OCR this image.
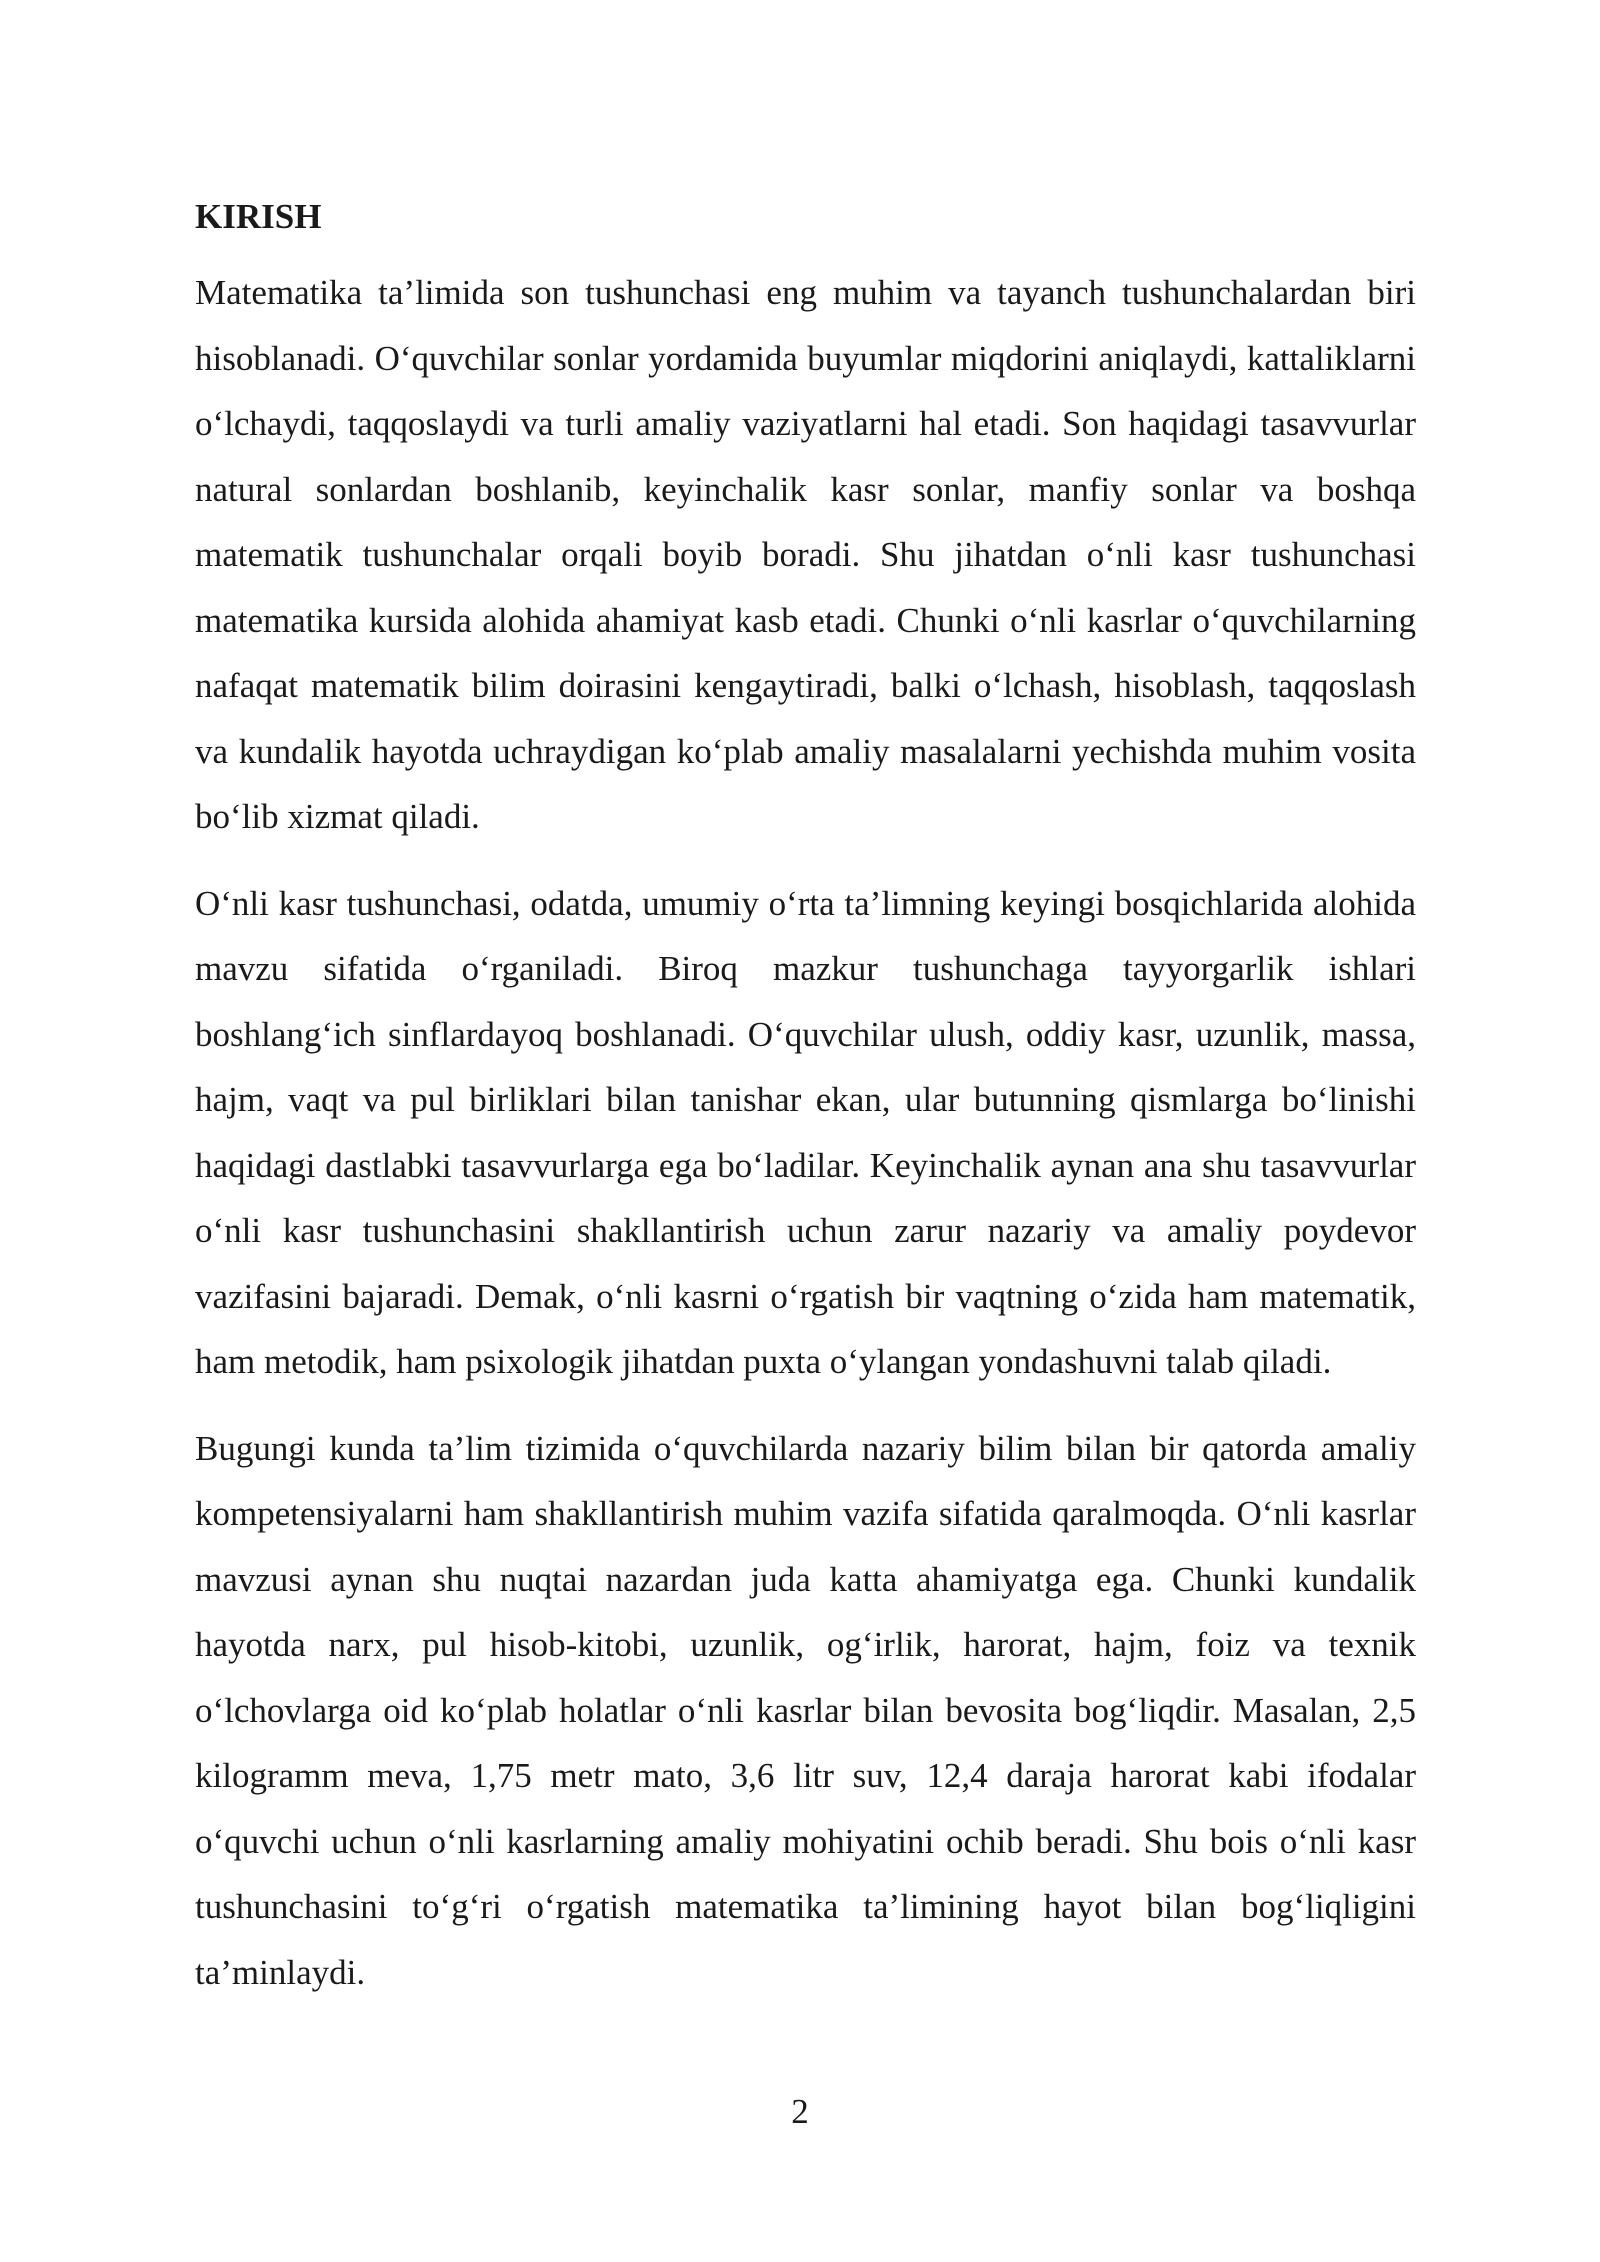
KIRISH

Matematika ta’limida son tushunchasi eng muhim va tayanch tushunchalardan biri hisoblanadi. O‘quvchilar sonlar yordamida buyumlar miqdorini aniqlaydi, kattaliklarni o‘lchaydi, taqqoslaydi va turli amaliy vaziyatlarni hal etadi. Son haqidagi tasavvurlar natural sonlardan boshlanib, keyinchalik kasr sonlar, manfiy sonlar va boshqa matematik tushunchalar orqali boyib boradi. Shu jihatdan o‘nli kasr tushunchasi matematika kursida alohida ahamiyat kasb etadi. Chunki o‘nli kasrlar o‘quvchilarning nafaqat matematik bilim doirasini kengaytiradi, balki o‘lchash, hisoblash, taqqoslash va kundalik hayotda uchraydigan ko‘plab amaliy masalalarni yechishda muhim vosita bo‘lib xizmat qiladi.

O‘nli kasr tushunchasi, odatda, umumiy o‘rta ta’limning keyingi bosqichlarida alohida mavzu sifatida o‘rganiladi. Biroq mazkur tushunchaga tayyorgarlik ishlari boshlang‘ich sinflardayoq boshlanadi. O‘quvchilar ulush, oddiy kasr, uzunlik, massa, hajm, vaqt va pul birliklari bilan tanishar ekan, ular butunning qismlarga bo‘linishi haqidagi dastlabki tasavvurlarga ega bo‘ladilar. Keyinchalik aynan ana shu tasavvurlar o‘nli kasr tushunchasini shakllantirish uchun zarur nazariy va amaliy poydevor vazifasini bajaradi. Demak, o‘nli kasrni o‘rgatish bir vaqtning o‘zida ham matematik, ham metodik, ham psixologik jihatdan puxta o‘ylangan yondashuvni talab qiladi.

Bugungi kunda ta’lim tizimida o‘quvchilarda nazariy bilim bilan bir qatorda amaliy kompetensiyalarni ham shakllantirish muhim vazifa sifatida qaralmoqda. O‘nli kasrlar mavzusi aynan shu nuqtai nazardan juda katta ahamiyatga ega. Chunki kundalik hayotda narx, pul hisob-kitobi, uzunlik, og‘irlik, harorat, hajm, foiz va texnik o‘lchovlarga oid ko‘plab holatlar o‘nli kasrlar bilan bevosita bog‘liqdir. Masalan, 2,5 kilogramm meva, 1,75 metr mato, 3,6 litr suv, 12,4 daraja harorat kabi ifodalar o‘quvchi uchun o‘nli kasrlarning amaliy mohiyatini ochib beradi. Shu bois o‘nli kasr tushunchasini to‘g‘ri o‘rgatish matematika ta’limining hayot bilan bog‘liqligini ta’minlaydi.

2
